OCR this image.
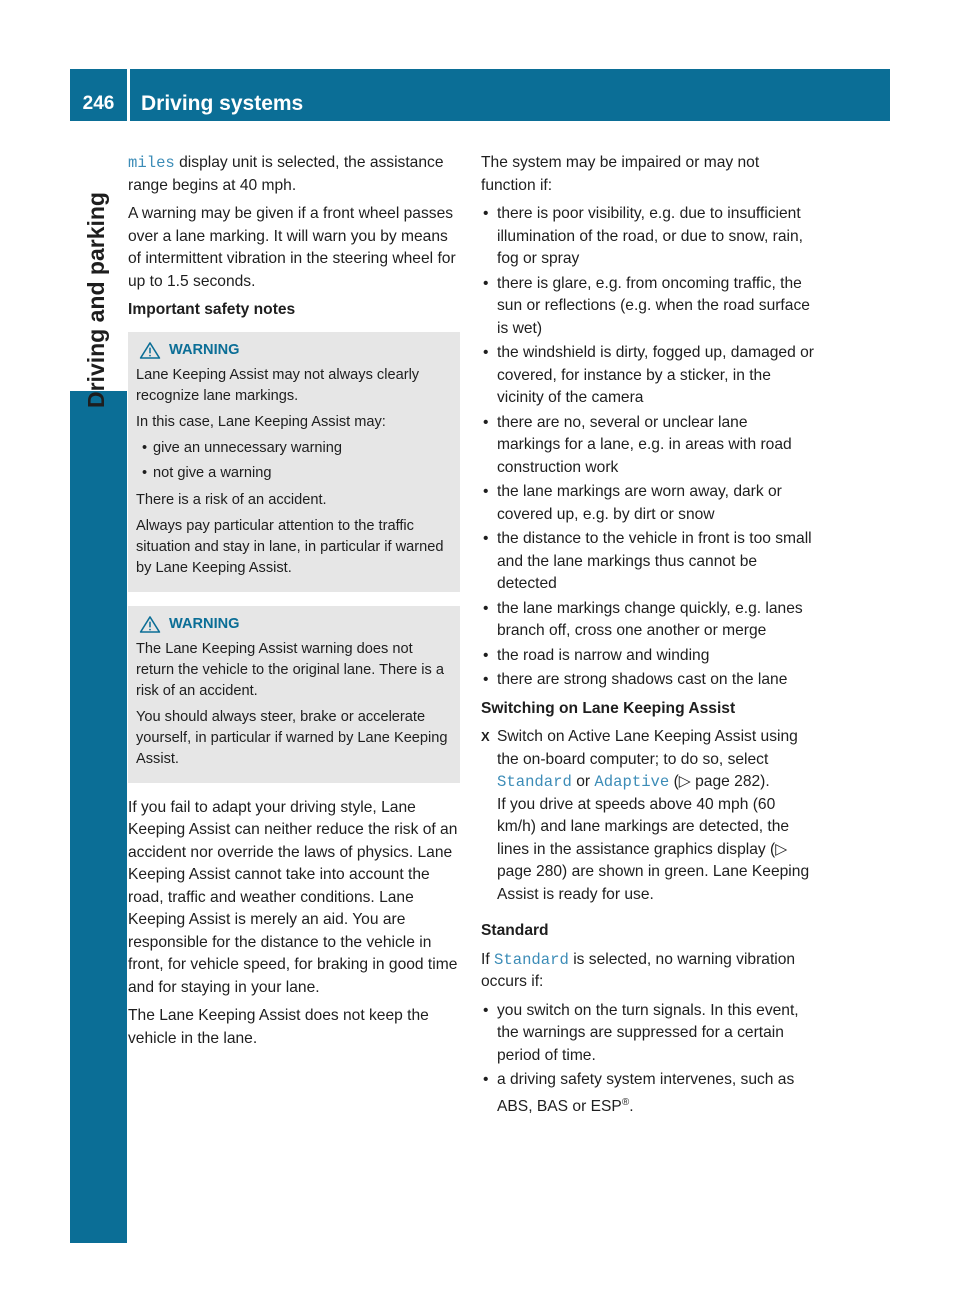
246	Driving systems
Driving and parking

miles display unit is selected, the assistance range begins at 40 mph.

A warning may be given if a front wheel passes over a lane marking. It will warn you by means of intermittent vibration in the steering wheel for up to 1.5 seconds.

Important safety notes
WARNING

Lane Keeping Assist may not always clearly recognize lane markings.

In this case, Lane Keeping Assist may:

• give an unnecessary warning
• not give a warning

There is a risk of an accident.

Always pay particular attention to the traffic situation and stay in lane, in particular if warned by Lane Keeping Assist.

WARNING

The Lane Keeping Assist warning does not return the vehicle to the original lane. There is a risk of an accident.

You should always steer, brake or accelerate yourself, in particular if warned by Lane Keeping Assist.

If you fail to adapt your driving style, Lane Keeping Assist can neither reduce the risk of an accident nor override the laws of physics. Lane Keeping Assist cannot take into account the road, traffic and weather conditions. Lane Keeping Assist is merely an aid. You are responsible for the distance to the vehicle in front, for vehicle speed, for braking in good time and for staying in your lane.

The Lane Keeping Assist does not keep the vehicle in the lane.

The system may be impaired or may not function if:

• there is poor visibility, e.g. due to insufficient illumination of the road, or due to snow, rain, fog or spray
• there is glare, e.g. from oncoming traffic, the sun or reflections (e.g. when the road surface is wet)
• the windshield is dirty, fogged up, damaged or covered, for instance by a sticker, in the vicinity of the camera
• there are no, several or unclear lane markings for a lane, e.g. in areas with road construction work
• the lane markings are worn away, dark or covered up, e.g. by dirt or snow
• the distance to the vehicle in front is too small and the lane markings thus cannot be detected
• the lane markings change quickly, e.g. lanes branch off, cross one another or merge
• the road is narrow and winding
• there are strong shadows cast on the lane
Switching on Lane Keeping Assist
X Switch on Active Lane Keeping Assist using the on-board computer; to do so, select Standard or Adaptive (▷ page 282).
If you drive at speeds above 40 mph (60 km/h) and lane markings are detected, the lines in the assistance graphics display (▷ page 280) are shown in green. Lane Keeping Assist is ready for use.
Standard

If Standard is selected, no warning vibration occurs if:

• you switch on the turn signals. In this event, the warnings are suppressed for a certain period of time.
• a driving safety system intervenes, such as ABS, BAS or ESP®.
